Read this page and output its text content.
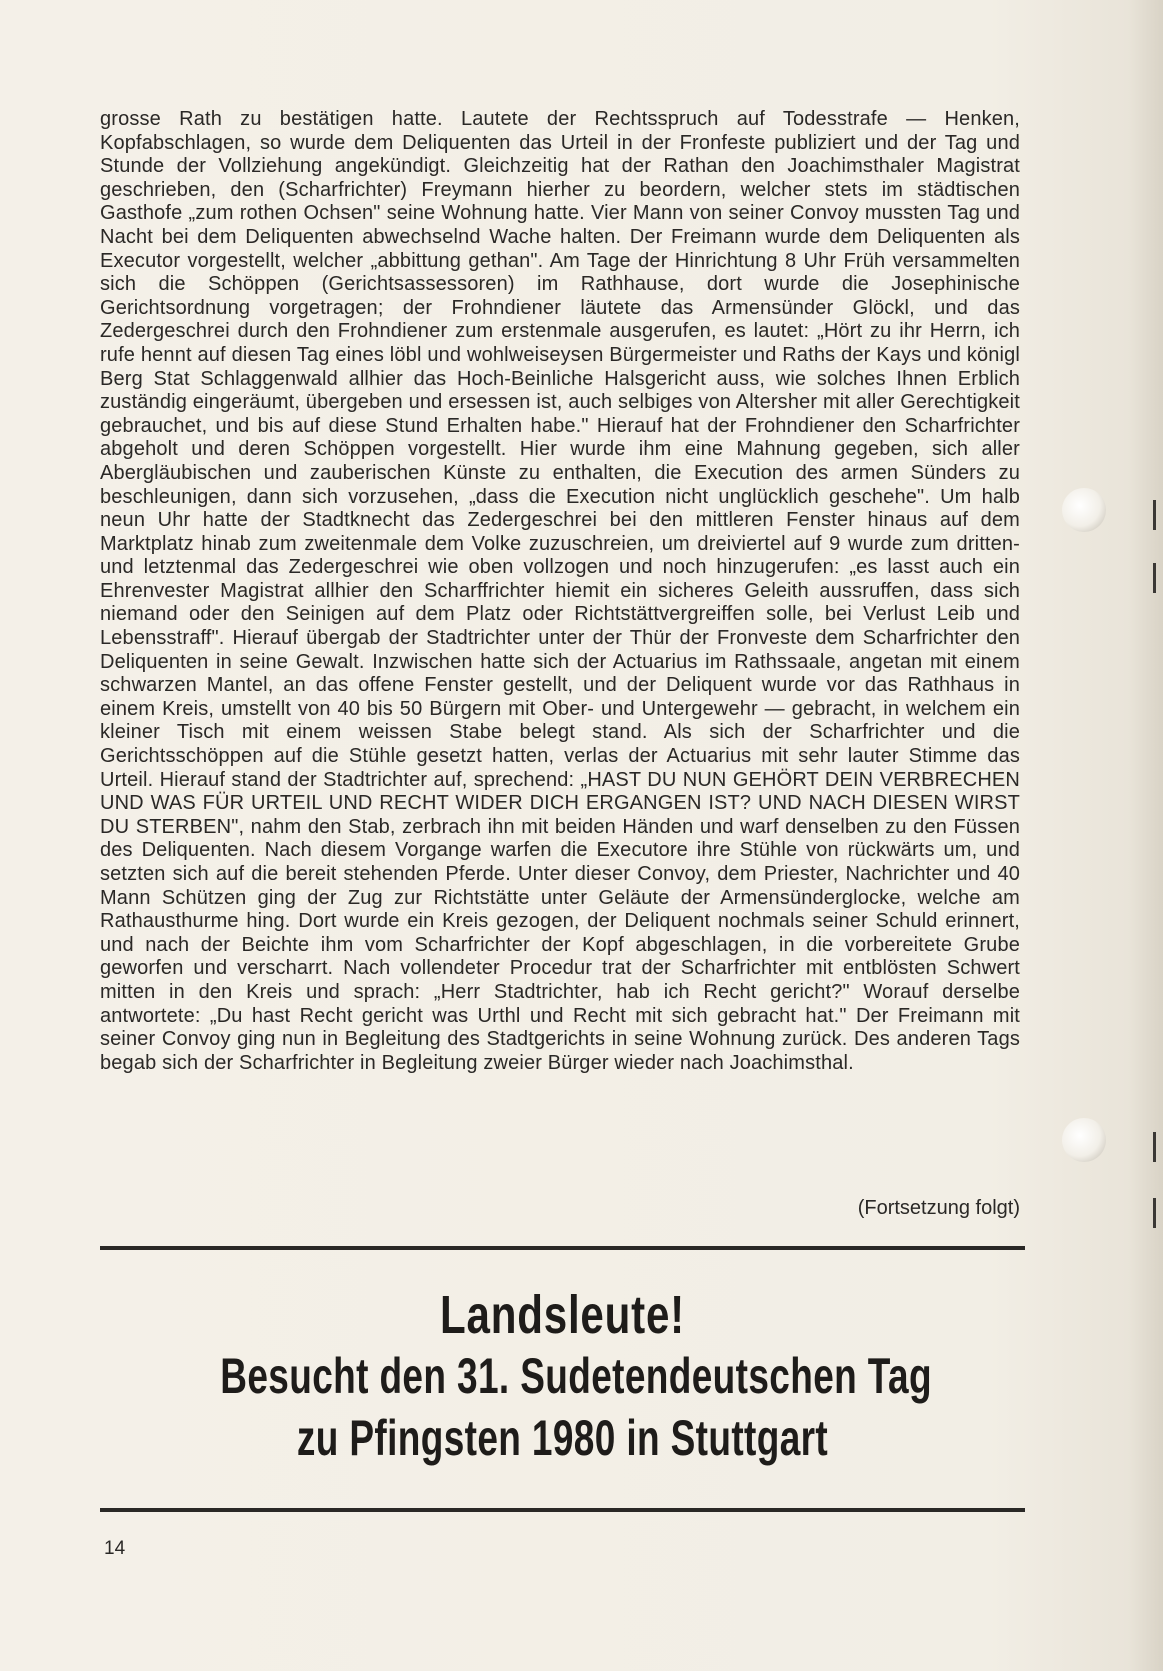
grosse Rath zu bestätigen hatte. Lautete der Rechtsspruch auf Todesstrafe — Henken, Kopfabschlagen, so wurde dem Deliquenten das Urteil in der Fronfeste publiziert und der Tag und Stunde der Vollziehung angekündigt. Gleichzeitig hat der Rathan den Joachimsthaler Magistrat geschrieben, den (Scharfrichter) Freymann hierher zu beordern, welcher stets im städtischen Gasthofe „zum rothen Ochsen" seine Wohnung hatte. Vier Mann von seiner Convoy mussten Tag und Nacht bei dem Deliquenten abwechselnd Wache halten. Der Freimann wurde dem Deliquenten als Executor vorgestellt, welcher „abbittung gethan". Am Tage der Hinrichtung 8 Uhr Früh versammelten sich die Schöppen (Gerichtsassessoren) im Rathhause, dort wurde die Josephinische Gerichtsordnung vorgetragen; der Frohndiener läutete das Armensünder Glöckl, und das Zedergeschrei durch den Frohndiener zum erstenmale ausgerufen, es lautet: „Hört zu ihr Herrn, ich rufe hennt auf diesen Tag eines löbl und wohlweiseysen Bürgermeister und Raths der Kays und königl Berg Stat Schlaggenwald allhier das Hoch-Beinliche Halsgericht auss, wie solches Ihnen Erblich zuständig eingeräumt, übergeben und ersessen ist, auch selbiges von Altersher mit aller Gerechtigkeit gebrauchet, und bis auf diese Stund Erhalten habe." Hierauf hat der Frohndiener den Scharfrichter abgeholt und deren Schöppen vorgestellt. Hier wurde ihm eine Mahnung gegeben, sich aller Abergläubischen und zauberischen Künste zu enthalten, die Execution des armen Sünders zu beschleunigen, dann sich vorzusehen, „dass die Execution nicht unglücklich geschehe". Um halb neun Uhr hatte der Stadtknecht das Zedergeschrei bei den mittleren Fenster hinaus auf dem Marktplatz hinab zum zweitenmale dem Volke zuzuschreien, um dreiviertel auf 9 wurde zum dritten- und letztenmal das Zedergeschrei wie oben vollzogen und noch hinzugerufen: „es lasst auch ein Ehrenvester Magistrat allhier den Scharffrichter hiemit ein sicheres Geleith aussruffen, dass sich niemand oder den Seinigen auf dem Platz oder Richtstättvergreiffen solle, bei Verlust Leib und Lebensstraff". Hierauf übergab der Stadtrichter unter der Thür der Fronveste dem Scharfrichter den Deliquenten in seine Gewalt. Inzwischen hatte sich der Actuarius im Rathssaale, angetan mit einem schwarzen Mantel, an das offene Fenster gestellt, und der Deliquent wurde vor das Rathhaus in einem Kreis, umstellt von 40 bis 50 Bürgern mit Ober- und Untergewehr — gebracht, in welchem ein kleiner Tisch mit einem weissen Stabe belegt stand. Als sich der Scharfrichter und die Gerichtsschöppen auf die Stühle gesetzt hatten, verlas der Actuarius mit sehr lauter Stimme das Urteil. Hierauf stand der Stadtrichter auf, sprechend: „HAST DU NUN GEHÖRT DEIN VERBRECHEN UND WAS FÜR URTEIL UND RECHT WIDER DICH ERGANGEN IST? UND NACH DIESEN WIRST DU STERBEN", nahm den Stab, zerbrach ihn mit beiden Händen und warf denselben zu den Füssen des Deliquenten. Nach diesem Vorgange warfen die Executore ihre Stühle von rückwärts um, und setzten sich auf die bereit stehenden Pferde. Unter dieser Convoy, dem Priester, Nachrichter und 40 Mann Schützen ging der Zug zur Richtstätte unter Geläute der Armensünderglocke, welche am Rathausthurme hing. Dort wurde ein Kreis gezogen, der Deliquent nochmals seiner Schuld erinnert, und nach der Beichte ihm vom Scharfrichter der Kopf abgeschlagen, in die vorbereitete Grube geworfen und verscharrt. Nach vollendeter Procedur trat der Scharfrichter mit entblösten Schwert mitten in den Kreis und sprach: „Herr Stadtrichter, hab ich Recht gericht?" Worauf derselbe antwortete: „Du hast Recht gericht was Urthl und Recht mit sich gebracht hat." Der Freimann mit seiner Convoy ging nun in Begleitung des Stadtgerichts in seine Wohnung zurück. Des anderen Tags begab sich der Scharfrichter in Begleitung zweier Bürger wieder nach Joachimsthal.

(Fortsetzung folgt)
Landsleute!
Besucht den 31. Sudetendeutschen Tag
zu Pfingsten 1980 in Stuttgart
14
